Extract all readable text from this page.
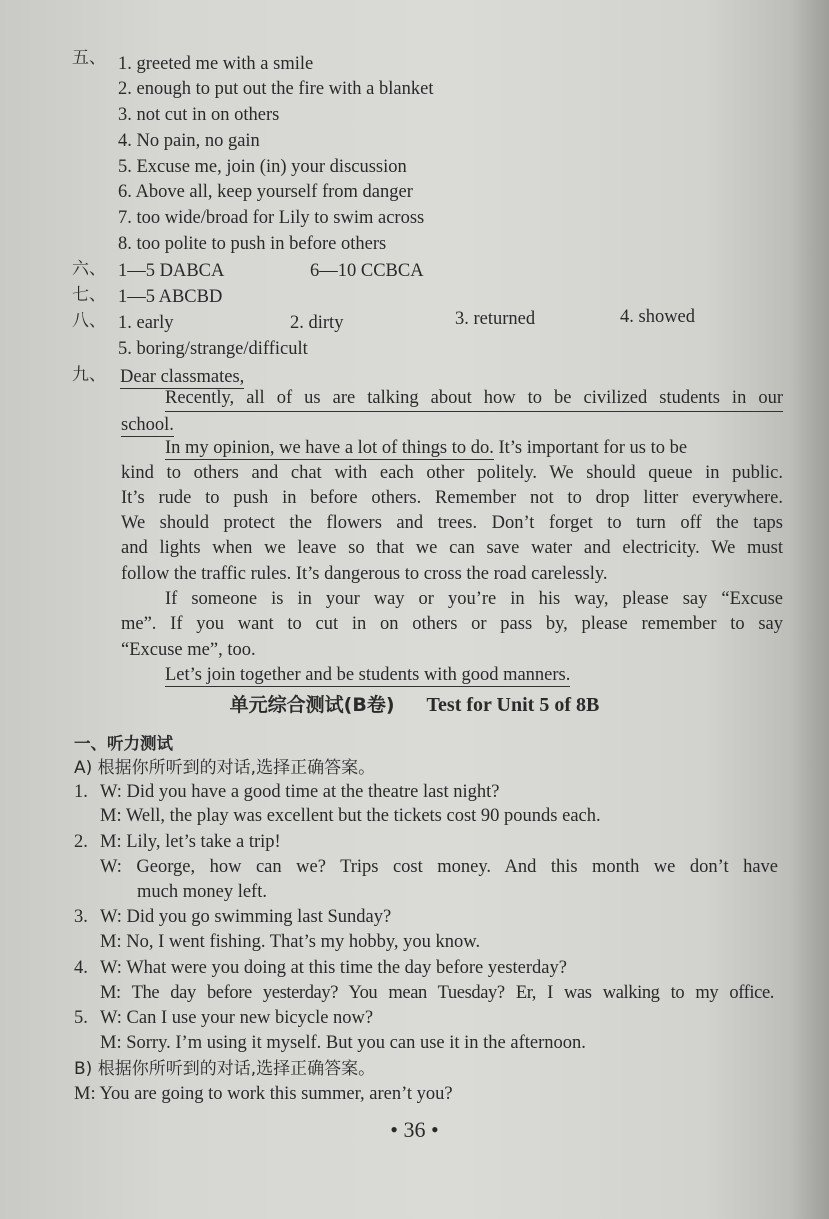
五、 1. greeted me with a smile
2. enough to put out the fire with a blanket
3. not cut in on others
4. No pain, no gain
5. Excuse me, join (in) your discussion
6. Above all, keep yourself from danger
7. too wide/broad for Lily to swim across
8. too polite to push in before others
六、 1—5 DABCA	6—10 CCBCA
七、 1—5 ABCBD
八、 1. early	2. dirty	3. returned	4. showed
5. boring/strange/difficult
九、 Dear classmates,
Recently, all of us are talking about how to be civilized students in our
school.
In my opinion, we have a lot of things to do. It’s important for us to be
kind to others and chat with each other politely. We should queue in public.
It’s rude to push in before others. Remember not to drop litter everywhere.
We should protect the flowers and trees. Don’t forget to turn off the taps
and lights when we leave so that we can save water and electricity. We must
follow the traffic rules. It’s dangerous to cross the road carelessly.
If someone is in your way or you’re in his way, please say “Excuse
me”. If you want to cut in on others or pass by, please remember to say
“Excuse me”, too.
Let’s join together and be students with good manners.
单元综合测试(B卷) Test for Unit 5 of 8B
一、听力测试
A) 根据你所听到的对话,选择正确答案。
1. W: Did you have a good time at the theatre last night?
M: Well, the play was excellent but the tickets cost 90 pounds each.
2. M: Lily, let’s take a trip!
W: George, how can we? Trips cost money. And this month we don’t have
much money left.
3. W: Did you go swimming last Sunday?
M: No, I went fishing. That’s my hobby, you know.
4. W: What were you doing at this time the day before yesterday?
M: The day before yesterday? You mean Tuesday? Er, I was walking to my office.
5. W: Can I use your new bicycle now?
M: Sorry. I’m using it myself. But you can use it in the afternoon.
B) 根据你所听到的对话,选择正确答案。
M: You are going to work this summer, aren’t you?
• 36 •
